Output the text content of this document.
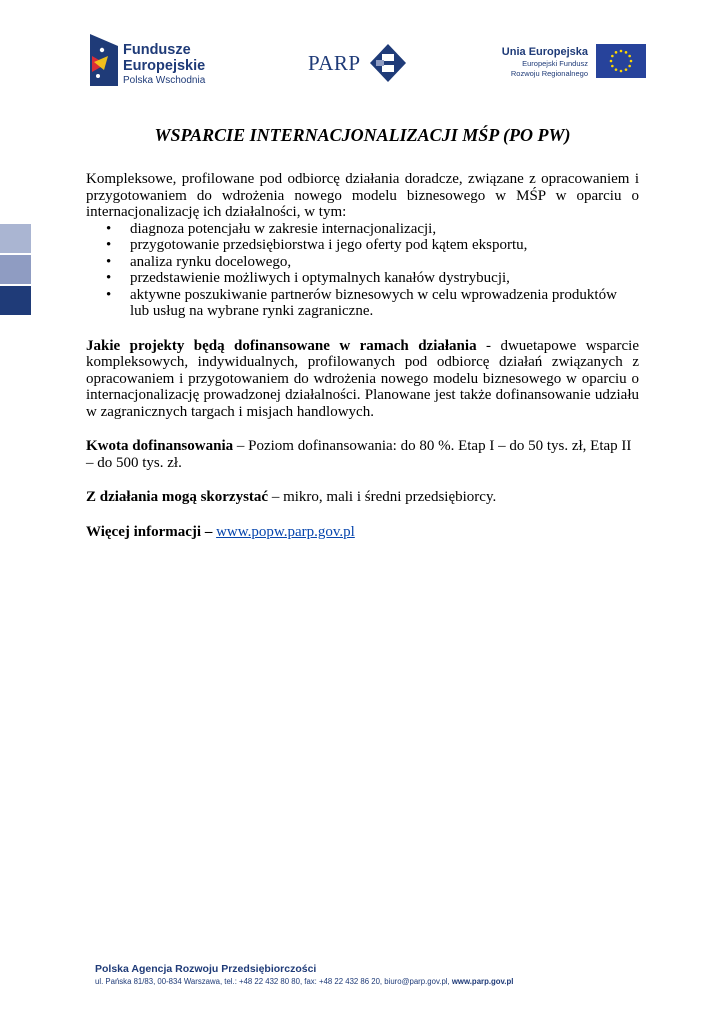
Fundusze
Europejskie
Polska Wschodnia
PARP	Unia Europejska
Europejski Fundusz
Rozwoju Regionalnego
WSPARCIE INTERNACJONALIZACJI MŚP (PO PW)

Kompleksowe, profilowane pod odbiorcę działania doradcze, związane z opracowaniem i przygotowaniem do wdrożenia nowego modelu biznesowego w MŚP w oparciu o internacjonalizację ich działalności, w tym:

• diagnoza potencjału w zakresie internacjonalizacji,
• przygotowanie przedsiębiorstwa i jego oferty pod kątem eksportu,
• analiza rynku docelowego,
• przedstawienie możliwych i optymalnych kanałów dystrybucji,
• aktywne poszukiwanie partnerów biznesowych w celu wprowadzenia produktów lub usług na wybrane rynki zagraniczne.

Jakie projekty będą dofinansowane w ramach działania - dwuetapowe wsparcie kompleksowych, indywidualnych, profilowanych pod odbiorcę działań związanych z opracowaniem i przygotowaniem do wdrożenia nowego modelu biznesowego w oparciu o internacjonalizację prowadzonej działalności. Planowane jest także dofinansowanie udziału w zagranicznych targach i misjach handlowych.

Kwota dofinansowania – Poziom dofinansowania: do 80 %. Etap I – do 50 tys. zł, Etap II – do 500 tys. zł.

Z działania mogą skorzystać – mikro, mali i średni przedsiębiorcy.

Więcej informacji – www.popw.parp.gov.pl

Polska Agencja Rozwoju Przedsiębiorczości
ul. Pańska 81/83, 00-834 Warszawa, tel.: +48 22 432 80 80, fax: +48 22 432 86 20, biuro@parp.gov.pl, www.parp.gov.pl
